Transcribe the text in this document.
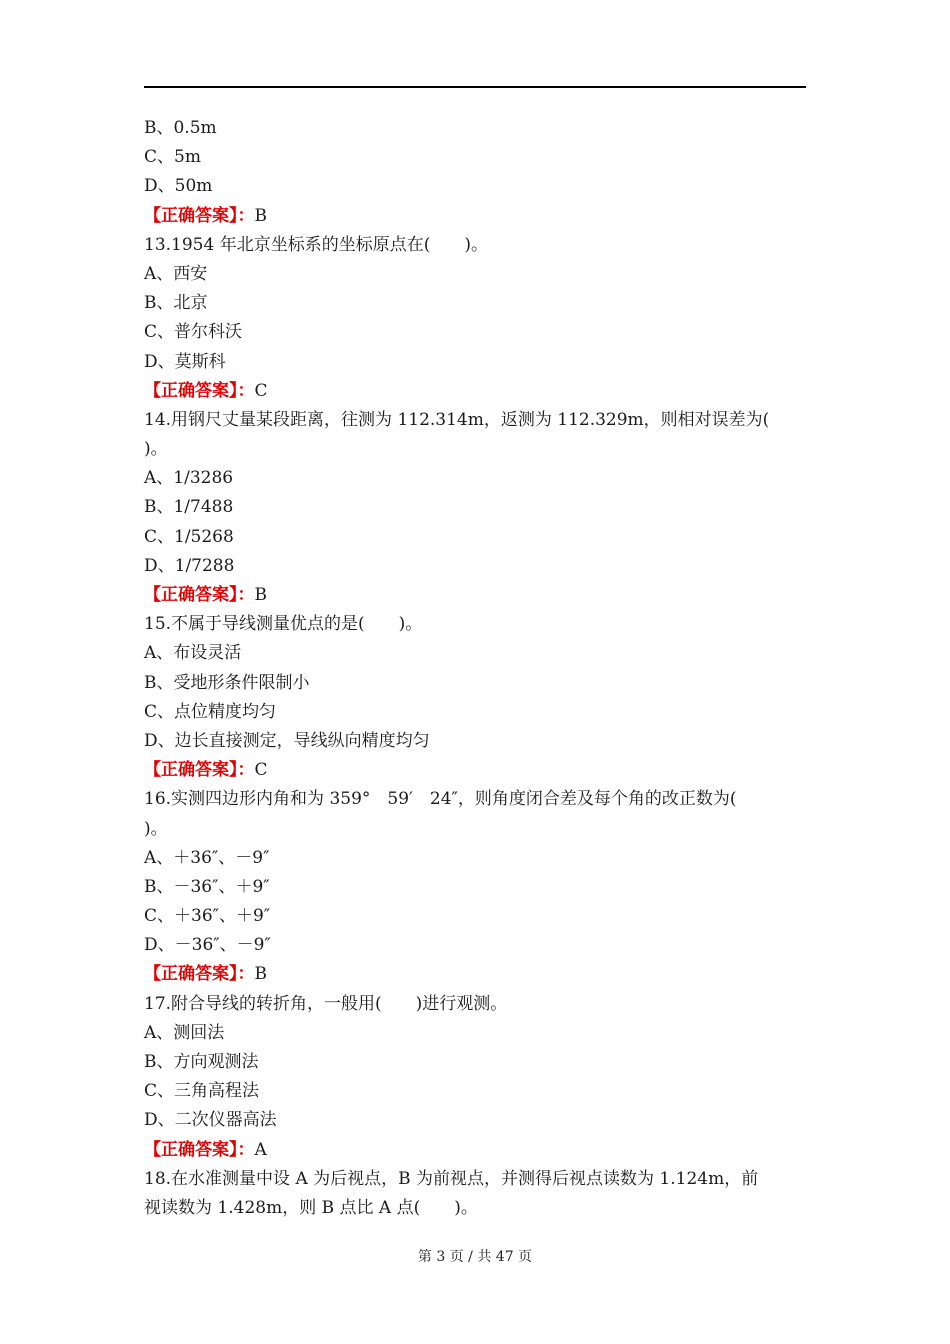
B、0.5m
C、5m
D、50m
【正确答案】：B
13.1954 年北京坐标系的坐标原点在(　　)。
A、西安
B、北京
C、普尔科沃
D、莫斯科
【正确答案】：C
14.用钢尺丈量某段距离，往测为 112.314m，返测为 112.329m，则相对误差为(
)。
A、1/3286
B、1/7488
C、1/5268
D、1/7288
【正确答案】：B
15.不属于导线测量优点的是(　　)。
A、布设灵活
B、受地形条件限制小
C、点位精度均匀
D、边长直接测定，导线纵向精度均匀
【正确答案】：C
16.实测四边形内角和为 359°　59′　24″，则角度闭合差及每个角的改正数为(
)。
A、＋36″、－9″
B、－36″、＋9″
C、＋36″、＋9″
D、－36″、－9″
【正确答案】：B
17.附合导线的转折角，一般用(　　)进行观测。
A、测回法
B、方向观测法
C、三角高程法
D、二次仪器高法
【正确答案】：A
18.在水准测量中设 A 为后视点，B 为前视点，并测得后视点读数为 1.124m，前
视读数为 1.428m，则 B 点比 A 点(　　)。
第 3 页 / 共 47 页
